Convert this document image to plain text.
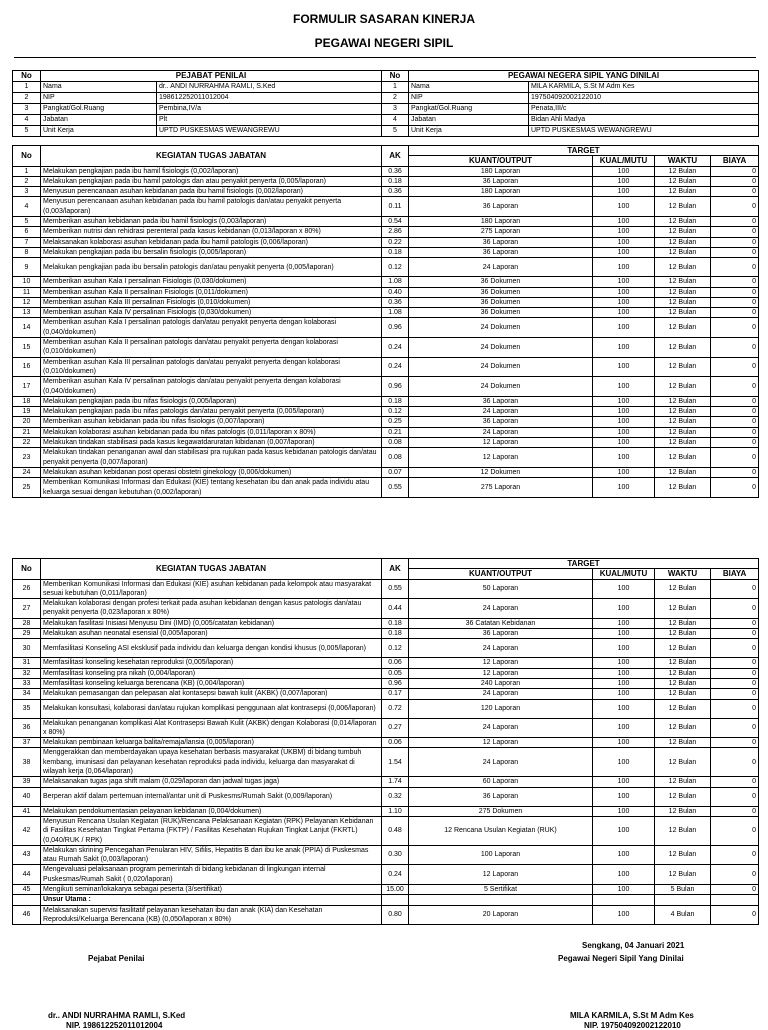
FORMULIR SASARAN KINERJA
PEGAWAI NEGERI SIPIL
No	PEJABAT PENILAI		No	PEGAWAI NEGERA SIPIL YANG DINILAI	
1	Nama	dr.. ANDI NURRAHMA RAMLI, S.Ked	1	Nama	MILA KARMILA, S.St M Adm Kes
2	NIP	198612252011012004	2	NIP	197504092002122010
3	Pangkat/Gol.Ruang	Pembina,IV/a	3	Pangkat/Gol.Ruang	Penata,III/c
4	Jabatan	Plt	4	Jabatan	Bidan Ahli Madya
5	Unit Kerja	UPTD PUSKESMAS WEWANGREWU	5	Unit Kerja	UPTD PUSKESMAS WEWANGREWU
No	KEGIATAN TUGAS JABATAN	AK	TARGET			
			KUANT/OUTPUT	KUAL/MUTU	WAKTU	BIAYA
1	Melakukan pengkajian pada ibu hamil fisiologis (0,002/laporan)	0.36	180 Laporan	100	12 Bulan	0
2	Melakukan pengkajian pada ibu hamil patologis dan atau penyakit penyerta (0,005/laporan)	0.18	36 Laporan	100	12 Bulan	0
3	Menyusun perencanaan asuhan kebidanan pada ibu hamil fisiologis (0,002/laporan)	0.36	180 Laporan	100	12 Bulan	0
4	Menyusun perencanaan asuhan kebidanan pada ibu hamil patologis dan/atau penyakit penyerta (0,003/laporan)	0.11	36 Laporan	100	12 Bulan	0
5	Memberikan asuhan kebidanan pada ibu hamil fisiologis (0,003/laporan)	0.54	180 Laporan	100	12 Bulan	0
6	Memberikan nutrisi dan rehidrasi perenteral pada kasus kebidanan (0,013/laporan x 80%)	2.86	275 Laporan	100	12 Bulan	0
7	Melaksanakan kolaborasi asuhan kebidanan pada ibu hamil patologis (0,006/laporan)	0.22	36 Laporan	100	12 Bulan	0
8	Melakukan pengkajian pada ibu bersalin fisiologis (0,005/laporan)	0.18	36 Laporan	100	12 Bulan	0
9	Melakukan pengkajian pada ibu bersalin patologis dan/atau penyakit penyerta (0,005/laporan)	0.12	24 Laporan	100	12 Bulan	0
10	Memberikan asuhan Kala I persalinan Fisiologis (0,030/dokumen)	1.08	36 Dokumen	100	12 Bulan	0
11	Memberikan asuhan Kala II persalinan Fisiologis (0,011/dokumen)	0.40	36 Dokumen	100	12 Bulan	0
12	Memberikan asuhan Kala III persalinan Fisiologis (0,010/dokumen)	0.36	36 Dokumen	100	12 Bulan	0
13	Memberikan asuhan Kala IV persalinan Fisiologis (0,030/dokumen)	1.08	36 Dokumen	100	12 Bulan	0
14	Memberikan asuhan Kala I persalinan patologis dan/atau penyakit penyerta dengan kolaborasi (0,040/dokumen)	0.96	24 Dokumen	100	12 Bulan	0
15	Memberikan asuhan Kala II persalinan patologis dan/atau penyakit penyerta dengan kolaborasi (0,010/dokumen)	0.24	24 Dokumen	100	12 Bulan	0
16	Memberikan asuhan Kala III persalinan patologis dan/atau penyakit penyerta dengan kolaborasi (0,010/dokumen)	0.24	24 Dokumen	100	12 Bulan	0
17	Memberikan asuhan Kala IV persalinan patologis dan/atau penyakit penyerta dengan kolaborasi (0,040/dokumen)	0.96	24 Dokumen	100	12 Bulan	0
18	Melakukan pengkajian pada ibu nifas fisiologis (0,005/laporan)	0.18	36 Laporan	100	12 Bulan	0
19	Melakukan pengkajian pada ibu nifas patologis dan/atau penyakit penyerta (0,005/laporan)	0.12	24 Laporan	100	12 Bulan	0
20	Memberikan asuhan kebidanan pada ibu nifas fisiologis (0,007/laporan)	0.25	36 Laporan	100	12 Bulan	0
21	Melakukan kolaborasi asuhan kebidanan pada ibu nifas patologis (0,011/laporan x 80%)	0.21	24 Laporan	100	12 Bulan	0
22	Melakukan tindakan stabilisasi pada kasus kegawatdaruratan kibidanan (0,007/laporan)	0.08	12 Laporan	100	12 Bulan	0
23	Melakukan tindakan penanganan awal dan stabilisasi pra rujukan pada kasus kebidanan patologis dan/atau penyakit penyerta (0,007/laporan)	0.08	12 Laporan	100	12 Bulan	0
24	Melakukan asuhan kebidanan post operasi obstetri ginekology (0,006/dokumen)	0.07	12 Dokumen	100	12 Bulan	0
25	Memberikan Komunikasi Informasi dan Edukasi (KIE) tentang kesehatan ibu dan anak pada individu atau keluarga sesuai dengan kebutuhan (0,002/laporan)	0.55	275 Laporan	100	12 Bulan	0
No	KEGIATAN TUGAS JABATAN	AK	TARGET			
			KUANT/OUTPUT	KUAL/MUTU	WAKTU	BIAYA
26	Memberikan Komunikasi Informasi dan Edukasi (KIE) asuhan kebidanan pada kelompok atau masyarakat sesuai kebutuhan (0,011/laporan)	0.55	50 Laporan	100	12 Bulan	0
27	Melakukan kolaborasi dengan profesi terkait pada asuhan kebidanan dengan kasus patologis dan/atau penyakit penyerta (0,023/laporan x 80%)	0.44	24 Laporan	100	12 Bulan	0
28	Melakukan fasilitasi Inisiasi Menyusu Dini (IMD) (0,005/catatan kebidanan)	0.18	36 Catatan Kebidanan	100	12 Bulan	0
29	Melakukan asuhan neonatal esensial (0,005/laporan)	0.18	36 Laporan	100	12 Bulan	0
30	Memfasilitasi Konseling ASI eksklusif pada individu dan keluarga dengan kondisi khusus (0,005/laporan)	0.12	24 Laporan	100	12 Bulan	0
31	Memfasilitasi konseling kesehatan reproduksi (0,005/laporan)	0.06	12 Laporan	100	12 Bulan	0
32	Memfasilitasi konseling pra nikah (0,004/laporan)	0.05	12 Laporan	100	12 Bulan	0
33	Memfasilitasi konseling keluarga berencana (KB) (0,004/laporan)	0.96	240 Laporan	100	12 Bulan	0
34	Melakukan pemasangan dan pelepasan alat kontasepsi bawah kulit (AKBK) (0,007/laporan)	0.17	24 Laporan	100	12 Bulan	0
35	Melakukan konsultasi, kolaborasi dan/atau rujukan komplikasi penggunaan alat kontrasepsi (0,006/laporan)	0.72	120 Laporan	100	12 Bulan	0
36	Melakukan penanganan komplikasi Alat Kontrasepsi Bawah Kulit (AKBK) dengan Kolaborasi (0,014/laporan x 80%)	0.27	24 Laporan	100	12 Bulan	0
37	Melakukan pembinaan keluarga balita/remaja/lansia (0,005/laporan)	0.06	12 Laporan	100	12 Bulan	0
38	Menggerakkan dan memberdayakan upaya kesehatan berbasis masyarakat (UKBM) di bidang tumbuh kembang, imunisasi dan pelayanan kesehatan reproduksi pada individu, keluarga dan masyarakat di wilayah kerja (0,064/laporan)	1.54	24 Laporan	100	12 Bulan	0
39	Melaksanakan tugas jaga shift malam (0,029/laporan dan jadwal tugas jaga)	1.74	60 Laporan	100	12 Bulan	0
40	Berperan aktif dalam pertemuan internal/antar unit di Puskesms/Rumah Sakit (0,009/laporan)	0.32	36 Laporan	100	12 Bulan	0
41	Melakukan pendokumentasian pelayanan kebidanan (0,004/dokumen)	1.10	275 Dokumen	100	12 Bulan	0
42	Menyusun Rencana Usulan Kegiatan (RUK)/Rencana Pelaksanaan Kegiatan (RPK) Pelayanan Kebidanan di Fasilitas Kesehatan Tingkat Pertama (FKTP) / Fasilitas Kesehatan Rujukan Tingkat Lanjut (FKRTL) (0,040/RUK / RPK)	0.48	12 Rencana Usulan Kegiatan (RUK)	100	12 Bulan	0
43	Melakukan skrining Pencegahan Penularan HIV, Sifilis, Hepatitis B dari ibu ke anak (PPIA) di Puskesmas atau Rumah Sakit (0,003/laporan)	0.30	100 Laporan	100	12 Bulan	0
44	Mengevaluasi pelaksanaan program pemerintah di bidang kebidanan di lingkungan internal Puskesmas/Rumah Sakit ( 0,020/laporan)	0.24	12 Laporan	100	12 Bulan	0
45	Mengikuti seminar/lokakarya sebagai peserta (3/sertifikat)	15.00	5 Sertifikat	100	5 Bulan	0
	Unsur Utama :					
46	Melaksanakan supervisi fasilitatif pelayanan kesehatan ibu dan anak (KIA) dan Kesehatan Reproduksi/Keluarga Berencana (KB) (0,050/laporan x 80%)	0.80	20 Laporan	100	4 Bulan	0
Sengkang, 04 Januari 2021
Pejabat Penilai	Pegawai Negeri Sipil Yang Dinilai
dr.. ANDI NURRAHMA RAMLI, S.Ked	MILA KARMILA, S.St M Adm Kes
NIP. 198612252011012004	NIP. 197504092002122010
